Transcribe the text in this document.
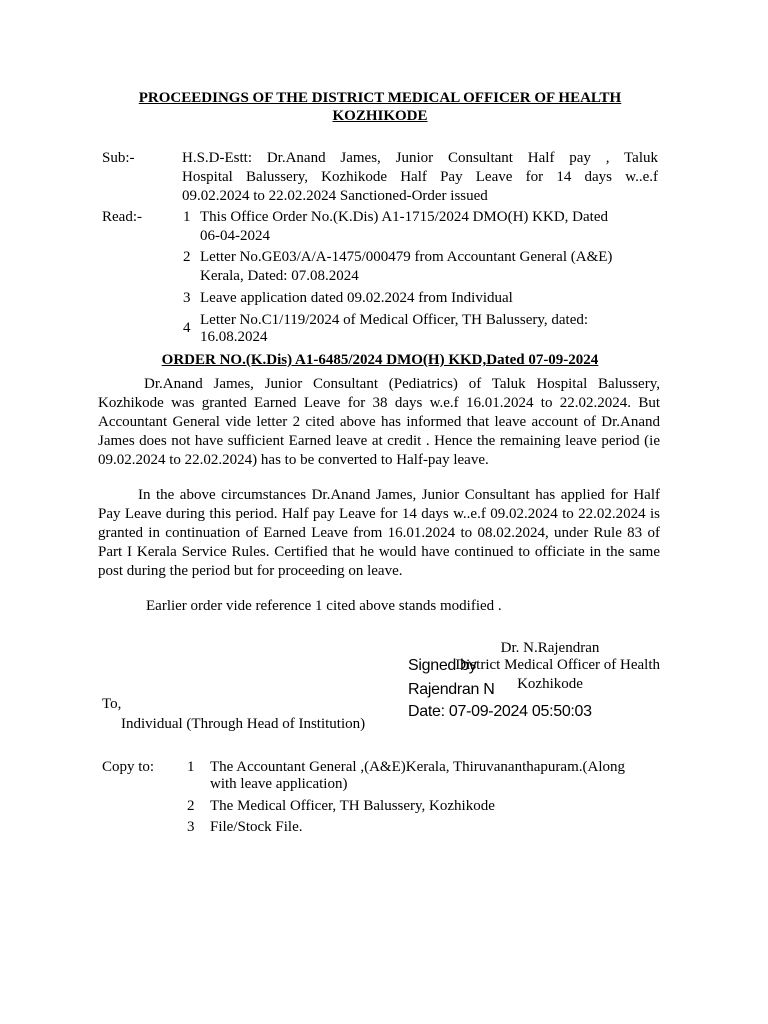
PROCEEDINGS OF THE DISTRICT MEDICAL OFFICER OF HEALTH
KOZHIKODE
Sub:-	H.S.D-Estt: Dr.Anand James, Junior Consultant Half pay , Taluk
Hospital Balussery, Kozhikode Half Pay Leave for 14 days w..e.f
09.02.2024 to 22.02.2024 Sanctioned-Order issued
Read:-	1 This Office Order No.(K.Dis) A1-1715/2024 DMO(H) KKD, Dated
06-04-2024
2 Letter No.GE03/A/A-1475/000479 from Accountant General (A&E)
Kerala, Dated: 07.08.2024
3 Leave application dated 09.02.2024 from Individual
4 Letter No.C1/119/2024 of Medical Officer, TH Balussery, dated:
16.08.2024
ORDER NO.(K.Dis) A1-6485/2024 DMO(H) KKD,Dated 07-09-2024
Dr.Anand James, Junior Consultant (Pediatrics) of Taluk Hospital Balussery, Kozhikode was granted Earned Leave for 38 days w.e.f 16.01.2024 to 22.02.2024. But Accountant General vide letter 2 cited above has informed that leave account of Dr.Anand James does not have sufficient Earned leave at credit . Hence the remaining leave period (ie 09.02.2024 to 22.02.2024) has to be converted to Half-pay leave.
In the above circumstances Dr.Anand James, Junior Consultant has applied for Half Pay Leave during this period. Half pay Leave for 14 days w..e.f 09.02.2024 to 22.02.2024 is granted in continuation of Earned Leave from 16.01.2024 to 08.02.2024, under Rule 83 of Part I Kerala Service Rules. Certified that he would have continued to officiate in the same post during the period but for proceeding on leave.
Earlier order vide reference 1 cited above stands modified .
Dr. N.Rajendran
District Medical Officer of Health
Kozhikode
Signed by
Rajendran N
Date: 07-09-2024 05:50:03
To,
Individual (Through Head of Institution)
Copy to: 1	The Accountant General ,(A&E)Kerala, Thiruvananthapuram.(Along
with leave application)
2	The Medical Officer, TH Balussery, Kozhikode
3	File/Stock File.
